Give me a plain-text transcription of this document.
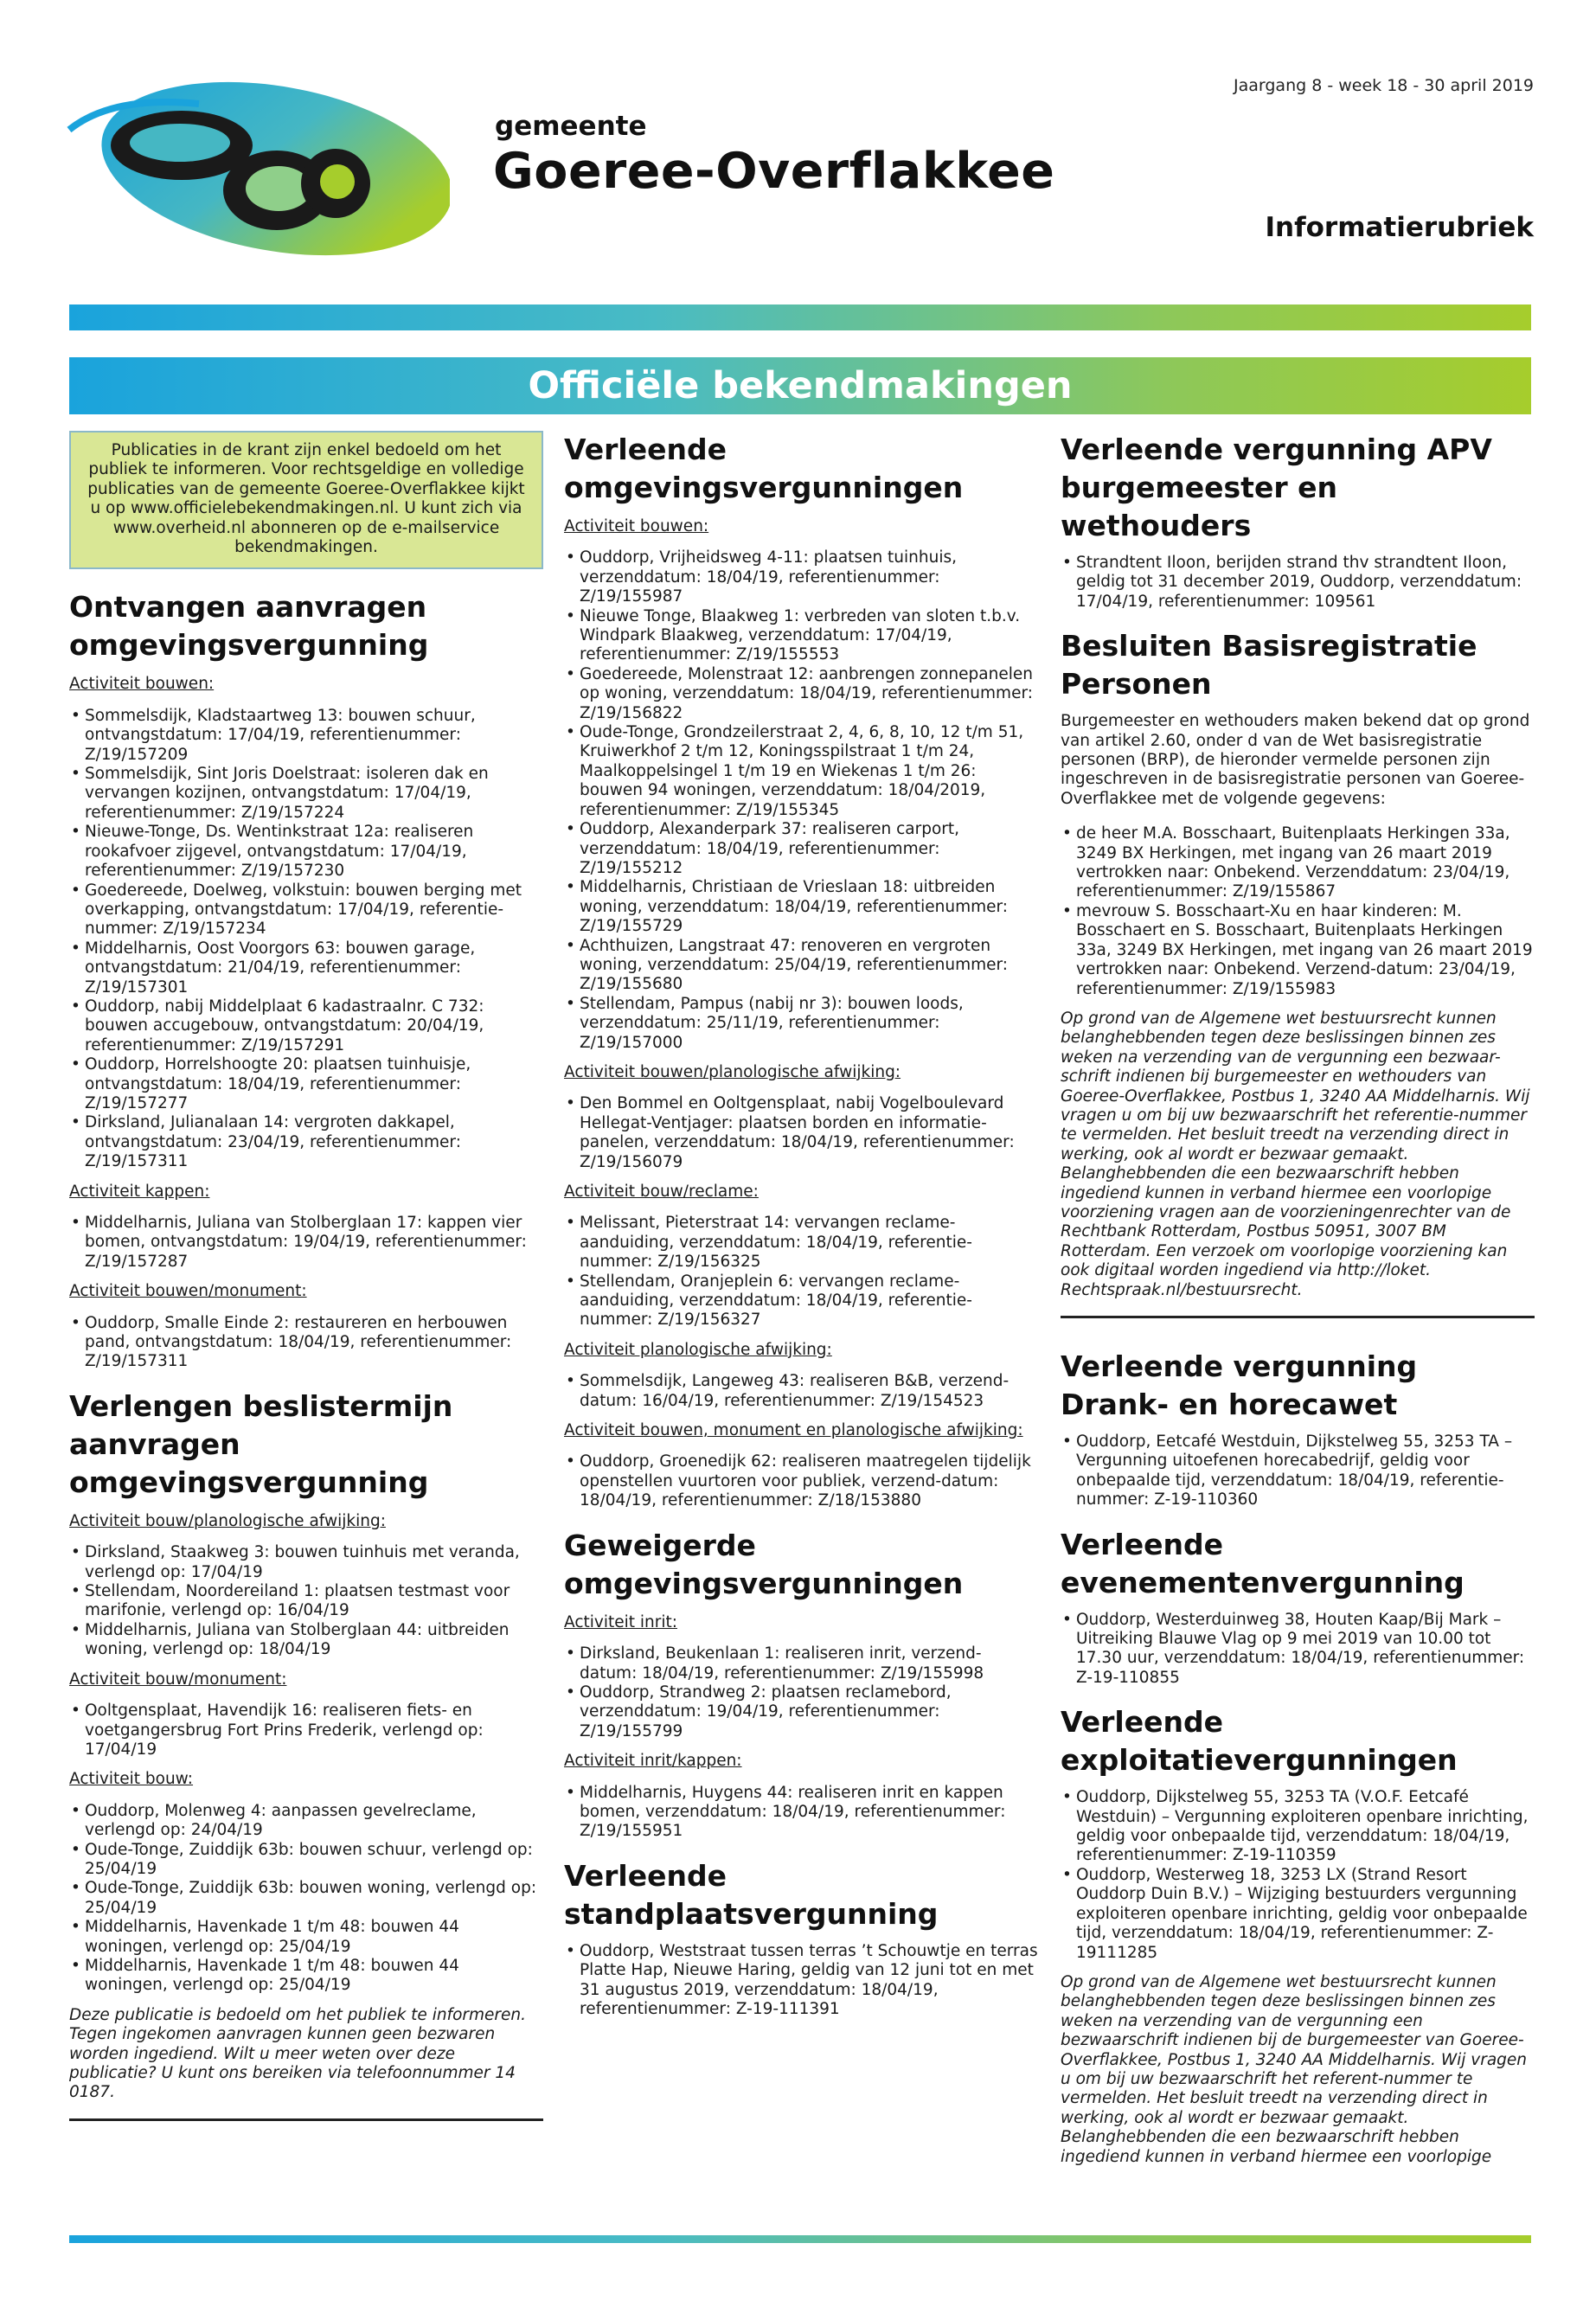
gemeente
Goeree-Overflakkee
Jaargang 8 - week 18 - 30 april 2019
Informatierubriek
Officiële bekendmakingen
Publicaties in de krant zijn enkel bedoeld om het publiek te informeren. Voor rechtsgeldige en volledige publicaties van de gemeente Goeree-Overflakkee kijkt u op www.officielebekendmakingen.nl. U kunt zich via www.overheid.nl abonneren op de e-mailservice bekendmakingen.
Ontvangen aanvragen omgevingsvergunning
Activiteit bouwen:
• Sommelsdijk, Kladstaartweg 13: bouwen schuur, ontvangstdatum: 17/04/19, referentienummer: Z/19/157209
• Sommelsdijk, Sint Joris Doelstraat: isoleren dak en vervangen kozijnen, ontvangstdatum: 17/04/19, referentienummer: Z/19/157224
• Nieuwe-Tonge, Ds. Wentinkstraat 12a: realiseren rookafvoer zijgevel, ontvangstdatum: 17/04/19, referentienummer: Z/19/157230
• Goedereede, Doelweg, volkstuin: bouwen berging met overkapping, ontvangstdatum: 17/04/19, referentie-nummer: Z/19/157234
• Middelharnis, Oost Voorgors 63: bouwen garage, ontvangstdatum: 21/04/19, referentienummer: Z/19/157301
• Ouddorp, nabij Middelplaat 6 kadastraalnr. C 732: bouwen accugebouw, ontvangstdatum: 20/04/19, referentienummer: Z/19/157291
• Ouddorp, Horrelshoogte 20: plaatsen tuinhuisje, ontvangstdatum: 18/04/19, referentienummer: Z/19/157277
• Dirksland, Julianalaan 14: vergroten dakkapel, ontvangstdatum: 23/04/19, referentienummer: Z/19/157311
Activiteit kappen:
• Middelharnis, Juliana van Stolberglaan 17: kappen vier bomen, ontvangstdatum: 19/04/19, referentienummer: Z/19/157287
Activiteit bouwen/monument:
• Ouddorp, Smalle Einde 2: restaureren en herbouwen pand, ontvangstdatum: 18/04/19, referentienummer: Z/19/157311
Verlengen beslistermijn aanvragen omgevingsvergunning
Activiteit bouw/planologische afwijking:
• Dirksland, Staakweg 3: bouwen tuinhuis met veranda, verlengd op: 17/04/19
• Stellendam, Noordereiland 1: plaatsen testmast voor marifonie, verlengd op: 16/04/19
• Middelharnis, Juliana van Stolberglaan 44: uitbreiden woning, verlengd op: 18/04/19
Activiteit bouw/monument:
• Ooltgensplaat, Havendijk 16: realiseren fiets- en voetgangersbrug Fort Prins Frederik, verlengd op: 17/04/19
Activiteit bouw:
• Ouddorp, Molenweg 4: aanpassen gevelreclame, verlengd op: 24/04/19
• Oude-Tonge, Zuiddijk 63b: bouwen schuur, verlengd op: 25/04/19
• Oude-Tonge, Zuiddijk 63b: bouwen woning, verlengd op: 25/04/19
• Middelharnis, Havenkade 1 t/m 48: bouwen 44 woningen, verlengd op: 25/04/19
• Middelharnis, Havenkade 1 t/m 48: bouwen 44 woningen, verlengd op: 25/04/19

Deze publicatie is bedoeld om het publiek te informeren. Tegen ingekomen aanvragen kunnen geen bezwaren worden ingediend. Wilt u meer weten over deze publicatie? U kunt ons bereiken via telefoonnummer 14 0187.

Verleende omgevingsvergunningen
Activiteit bouwen:
• Ouddorp, Vrijheidsweg 4-11: plaatsen tuinhuis, verzenddatum: 18/04/19, referentienummer: Z/19/155987
• Nieuwe Tonge, Blaakweg 1: verbreden van sloten t.b.v. Windpark Blaakweg, verzenddatum: 17/04/19, referentienummer: Z/19/155553
• Goedereede, Molenstraat 12: aanbrengen zonnepanelen op woning, verzenddatum: 18/04/19, referentienummer: Z/19/156822
• Oude-Tonge, Grondzeilerstraat 2, 4, 6, 8, 10, 12 t/m 51, Kruiwerkhof 2 t/m 12, Koningsspilstraat 1 t/m 24, Maalkoppelsingel 1 t/m 19 en Wiekenas 1 t/m 26: bouwen 94 woningen, verzenddatum: 18/04/2019, referentienummer: Z/19/155345
• Ouddorp, Alexanderpark 37: realiseren carport, verzenddatum: 18/04/19, referentienummer: Z/19/155212
• Middelharnis, Christiaan de Vrieslaan 18: uitbreiden woning, verzenddatum: 18/04/19, referentienummer: Z/19/155729
• Achthuizen, Langstraat 47: renoveren en vergroten woning, verzenddatum: 25/04/19, referentienummer: Z/19/155680
• Stellendam, Pampus (nabij nr 3): bouwen loods, verzenddatum: 25/11/19, referentienummer: Z/19/157000
Activiteit bouwen/planologische afwijking:
• Den Bommel en Ooltgensplaat, nabij Vogelboulevard Hellegat-Ventjager: plaatsen borden en informatie-panelen, verzenddatum: 18/04/19, referentienummer: Z/19/156079
Activiteit bouw/reclame:
• Melissant, Pieterstraat 14: vervangen reclame-aanduiding, verzenddatum: 18/04/19, referentie-nummer: Z/19/156325
• Stellendam, Oranjeplein 6: vervangen reclame-aanduiding, verzenddatum: 18/04/19, referentie-nummer: Z/19/156327
Activiteit planologische afwijking:
• Sommelsdijk, Langeweg 43: realiseren B&B, verzend-datum: 16/04/19, referentienummer: Z/19/154523
Activiteit bouwen, monument en planologische afwijking:
• Ouddorp, Groenedijk 62: realiseren maatregelen tijdelijk openstellen vuurtoren voor publiek, verzend-datum: 18/04/19, referentienummer: Z/18/153880
Geweigerde omgevingsvergunningen
Activiteit inrit:
• Dirksland, Beukenlaan 1: realiseren inrit, verzend-datum: 18/04/19, referentienummer: Z/19/155998
• Ouddorp, Strandweg 2: plaatsen reclamebord, verzenddatum: 19/04/19, referentienummer: Z/19/155799
Activiteit inrit/kappen:
• Middelharnis, Huygens 44: realiseren inrit en kappen bomen, verzenddatum: 18/04/19, referentienummer: Z/19/155951
Verleende standplaatsvergunning
• Ouddorp, Weststraat tussen terras ’t Schouwtje en terras Platte Hap, Nieuwe Haring, geldig van 12 juni tot en met 31 augustus 2019, verzenddatum: 18/04/19, referentienummer: Z-19-111391
Verleende vergunning APV burgemeester en wethouders
• Strandtent Iloon, berijden strand thv strandtent Iloon, geldig tot 31 december 2019, Ouddorp, verzenddatum: 17/04/19, referentienummer: 109561
Besluiten Basisregistratie Personen

Burgemeester en wethouders maken bekend dat op grond van artikel 2.60, onder d van de Wet basisregistratie personen (BRP), de hieronder vermelde personen zijn ingeschreven in de basisregistratie personen van Goeree-Overflakkee met de volgende gegevens:

• de heer M.A. Bosschaart, Buitenplaats Herkingen 33a, 3249 BX Herkingen, met ingang van 26 maart 2019 vertrokken naar: Onbekend. Verzenddatum: 23/04/19, referentienummer: Z/19/155867
• mevrouw S. Bosschaart-Xu en haar kinderen: M. Bosschaert en S. Bosschaart, Buitenplaats Herkingen 33a, 3249 BX Herkingen, met ingang van 26 maart 2019 vertrokken naar: Onbekend. Verzend-datum: 23/04/19, referentienummer: Z/19/155983

Op grond van de Algemene wet bestuursrecht kunnen belanghebbenden tegen deze beslissingen binnen zes weken na verzending van de vergunning een bezwaar-schrift indienen bij burgemeester en wethouders van Goeree-Overflakkee, Postbus 1, 3240 AA Middelharnis. Wij vragen u om bij uw bezwaarschrift het referentie-nummer te vermelden. Het besluit treedt na verzending direct in werking, ook al wordt er bezwaar gemaakt. Belanghebbenden die een bezwaarschrift hebben ingediend kunnen in verband hiermee een voorlopige voorziening vragen aan de voorzieningenrechter van de Rechtbank Rotterdam, Postbus 50951, 3007 BM Rotterdam. Een verzoek om voorlopige voorziening kan ook digitaal worden ingediend via http://loket. Rechtspraak.nl/bestuursrecht.

Verleende vergunning Drank- en horecawet
• Ouddorp, Eetcafé Westduin, Dijkstelweg 55, 3253 TA – Vergunning uitoefenen horecabedrijf, geldig voor onbepaalde tijd, verzenddatum: 18/04/19, referentie-nummer: Z-19-110360
Verleende evenementenvergunning
• Ouddorp, Westerduinweg 38, Houten Kaap/Bij Mark – Uitreiking Blauwe Vlag op 9 mei 2019 van 10.00 tot 17.30 uur, verzenddatum: 18/04/19, referentienummer: Z-19-110855
Verleende exploitatievergunningen
• Ouddorp, Dijkstelweg 55, 3253 TA (V.O.F. Eetcafé Westduin) – Vergunning exploiteren openbare inrichting, geldig voor onbepaalde tijd, verzenddatum: 18/04/19, referentienummer: Z-19-110359
• Ouddorp, Westerweg 18, 3253 LX (Strand Resort Ouddorp Duin B.V.) – Wijziging bestuurders vergunning exploiteren openbare inrichting, geldig voor onbepaalde tijd, verzenddatum: 18/04/19, referentienummer: Z-19111285

Op grond van de Algemene wet bestuursrecht kunnen belanghebbenden tegen deze beslissingen binnen zes weken na verzending van de vergunning een bezwaarschrift indienen bij de burgemeester van Goeree-Overflakkee, Postbus 1, 3240 AA Middelharnis. Wij vragen u om bij uw bezwaarschrift het referent-nummer te vermelden. Het besluit treedt na verzending direct in werking, ook al wordt er bezwaar gemaakt. Belanghebbenden die een bezwaarschrift hebben ingediend kunnen in verband hiermee een voorlopige
